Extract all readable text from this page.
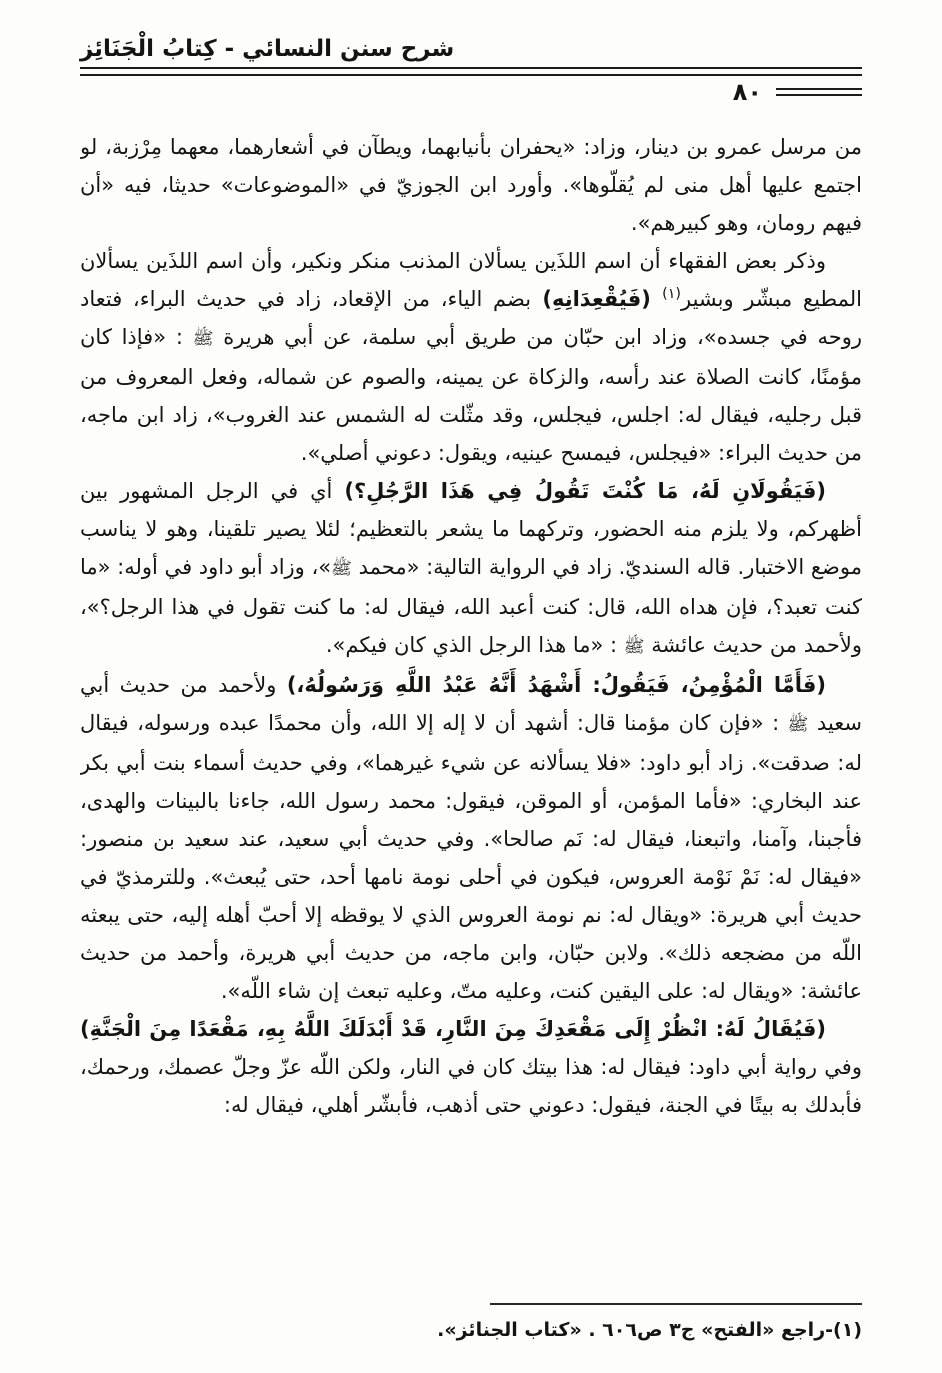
شرح سنن النسائي - كِتابُ الْجَنَائِز
٨٠

من مرسل عمرو بن دينار، وزاد: «يحفران بأنيابهما، ويطآن في أشعارهما، معهما مِرْزبة، لو اجتمع عليها أهل منى لم يُقلّوها». وأورد ابن الجوزيّ في «الموضوعات» حديثا، فيه «أن فيهم رومان، وهو كبيرهم».

وذكر بعض الفقهاء أن اسم اللذَين يسألان المذنب منكر ونكير، وأن اسم اللذَين يسألان المطيع مبشّر وبشير$^{(١)}$ (فَيُقْعِدَانِهِ) بضم الياء، من الإقعاد، زاد في حديث البراء، فتعاد روحه في جسده»، وزاد ابن حبّان من طريق أبي سلمة، عن أبي هريرة ﷺ : «فإذا كان مؤمنًا، كانت الصلاة عند رأسه، والزكاة عن يمينه، والصوم عن شماله، وفعل المعروف من قبل رجليه، فيقال له: اجلس، فيجلس، وقد مثّلت له الشمس عند الغروب»، زاد ابن ماجه، من حديث البراء: «فيجلس، فيمسح عينيه، ويقول: دعوني أصلي».

(فَيَقُولَانِ لَهُ، مَا كُنْتَ تَقُولُ فِي هَذَا الرَّجُلِ؟) أي في الرجل المشهور بين أظهركم، ولا يلزم منه الحضور، وتركهما ما يشعر بالتعظيم؛ لئلا يصير تلقينا، وهو لا يناسب موضع الاختبار. قاله السنديّ. زاد في الرواية التالية: «محمد ﷺ»، وزاد أبو داود في أوله: «ما كنت تعبد؟، فإن هداه الله، قال: كنت أعبد الله، فيقال له: ما كنت تقول في هذا الرجل؟»، ولأحمد من حديث عائشة ﷺ : «ما هذا الرجل الذي كان فيكم».

(فَأَمَّا الْمُؤْمِنُ، فَيَقُولُ: أَشْهَدُ أَنَّهُ عَبْدُ اللَّهِ وَرَسُولُهُ،) ولأحمد من حديث أبي سعيد ﷺ : «فإن كان مؤمنا قال: أشهد أن لا إله إلا الله، وأن محمدًا عبده ورسوله، فيقال له: صدقت». زاد أبو داود: «فلا يسألانه عن شيء غيرهما»، وفي حديث أسماء بنت أبي بكر عند البخاري: «فأما المؤمن، أو الموقن، فيقول: محمد رسول الله، جاءنا بالبينات والهدى، فأجبنا، وآمنا، واتبعنا، فيقال له: نَم صالحا». وفي حديث أبي سعيد، عند سعيد بن منصور: «فيقال له: نَمْ نَوْمة العروس، فيكون في أحلى نومة نامها أحد، حتى يُبعث». وللترمذيّ في حديث أبي هريرة: «ويقال له: نم نومة العروس الذي لا يوقظه إلا أحبّ أهله إليه، حتى يبعثه اللّه من مضجعه ذلك». ولابن حبّان، وابن ماجه، من حديث أبي هريرة، وأحمد من حديث عائشة: «ويقال له: على اليقين كنت، وعليه متّ، وعليه تبعث إن شاء اللّه».

(فَيُقَالُ لَهُ: انْظُرْ إِلَى مَقْعَدِكَ مِنَ النَّارِ، قَدْ أَبْدَلَكَ اللَّهُ بِهِ، مَقْعَدًا مِنَ الْجَنَّةِ) وفي رواية أبي داود: فيقال له: هذا بيتك كان في النار، ولكن اللّه عزّ وجلّ عصمك، ورحمك، فأبدلك به بيتًا في الجنة، فيقول: دعوني حتى أذهب، فأبشّر أهلي، فيقال له:

(١)-راجع «الفتح» ج٣ ص٦٠٦ . «كتاب الجنائز».
